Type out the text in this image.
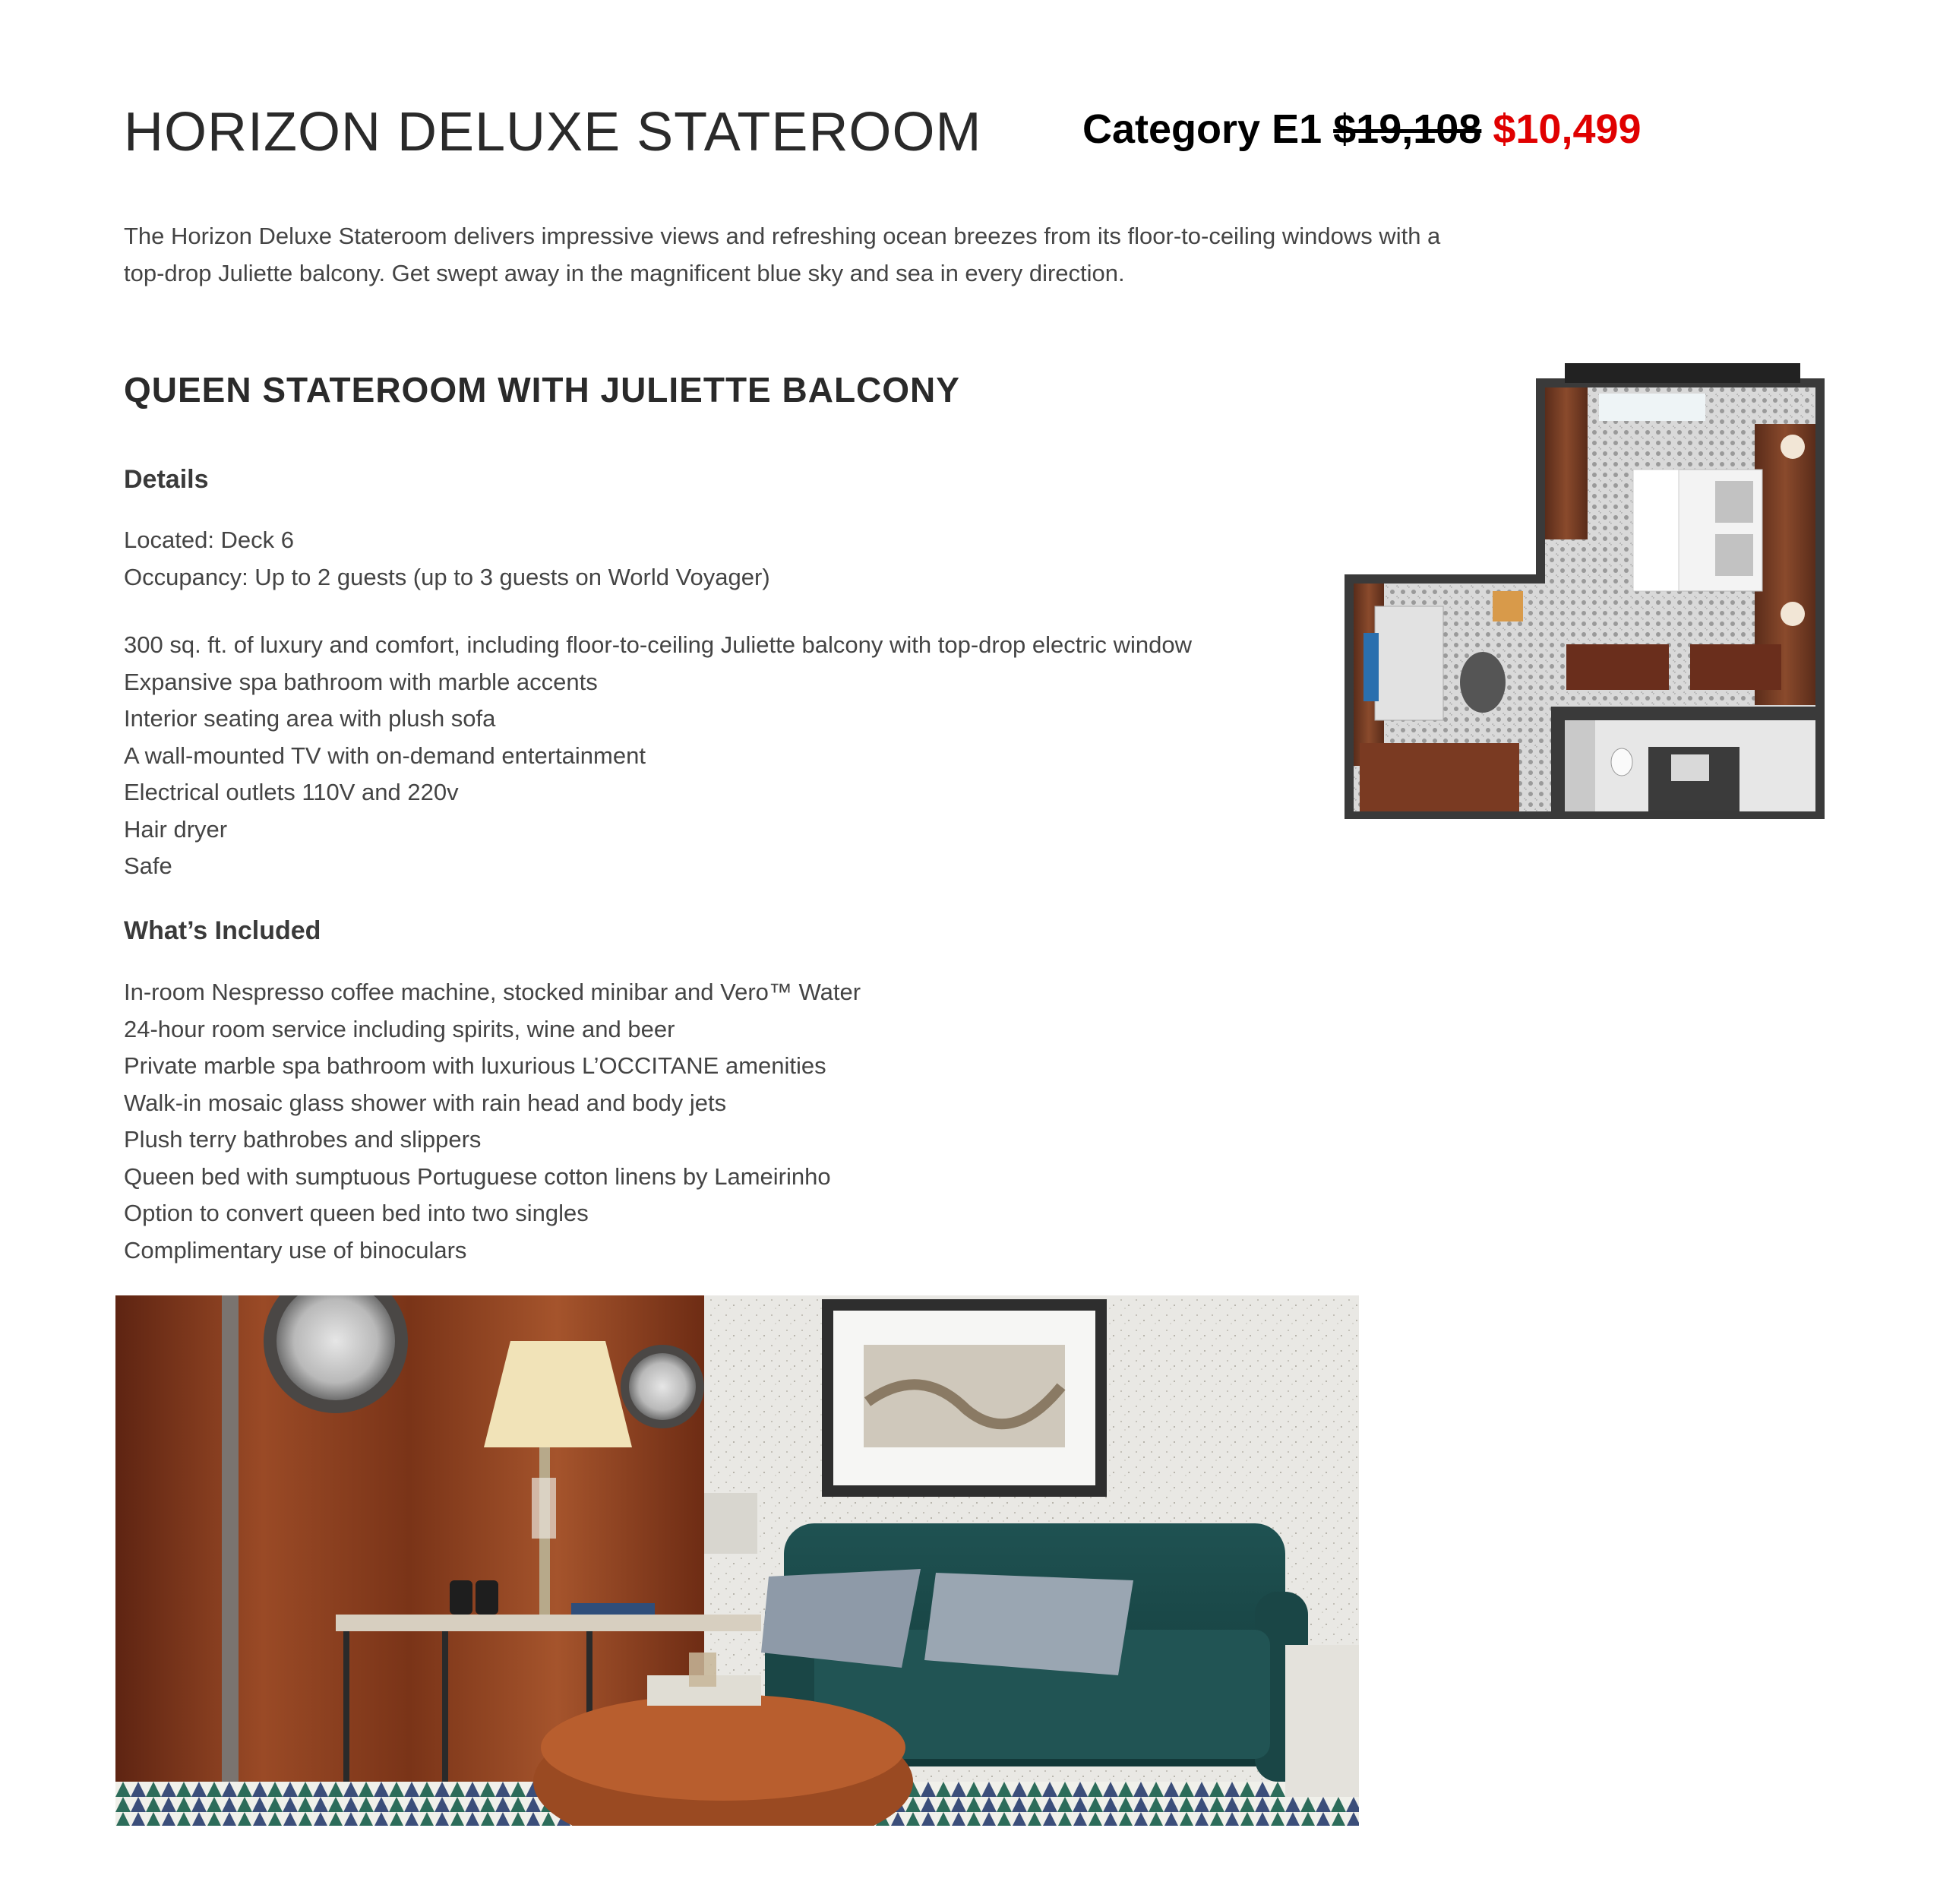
HORIZON DELUXE STATEROOM Category E1 $19,108 $10,499

The Horizon Deluxe Stateroom delivers impressive views and refreshing ocean breezes from its floor-to-ceiling windows with a top-drop Juliette balcony. Get swept away in the magnificent blue sky and sea in every direction.

QUEEN STATEROOM WITH JULIETTE BALCONY
Details
Located: Deck 6
Occupancy: Up to 2 guests (up to 3 guests on World Voyager)
300 sq. ft. of luxury and comfort, including floor-to-ceiling Juliette balcony with top-drop electric window
Expansive spa bathroom with marble accents
Interior seating area with plush sofa
A wall-mounted TV with on-demand entertainment
Electrical outlets 110V and 220v
Hair dryer
Safe
What’s Included
In-room Nespresso coffee machine, stocked minibar and Vero™ Water
24-hour room service including spirits, wine and beer
Private marble spa bathroom with luxurious L’OCCITANE amenities
Walk-in mosaic glass shower with rain head and body jets
Plush terry bathrobes and slippers
Queen bed with sumptuous Portuguese cotton linens by Lameirinho
Option to convert queen bed into two singles
Complimentary use of binoculars
